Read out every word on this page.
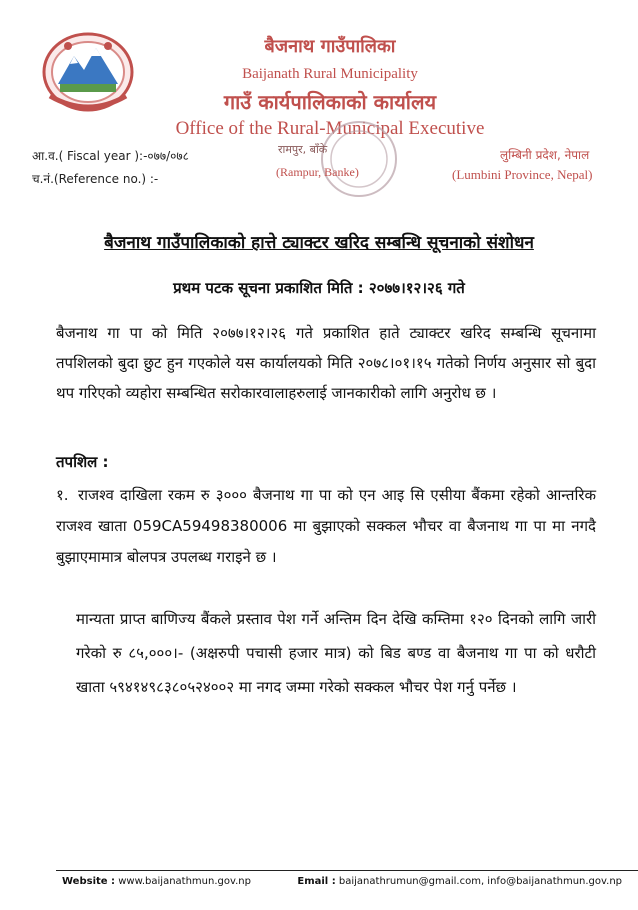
बैजनाथ गाउँपालिका
Baijanath Rural Municipality
गाउँ कार्यपालिकाको कार्यालय
Office of the Rural-Municipal Executive
आ.व.( Fiscal year ):-०७७/०७८
च.नं.(Reference no.) :-
रामपुर, बाँके
(Rampur, Banke)
लुम्बिनी प्रदेश, नेपाल
(Lumbini Province, Nepal)
बैजनाथ गाउँपालिकाको हात्ते ट्याक्टर खरिद सम्बन्धि सूचनाको संशोधन
प्रथम पटक सूचना प्रकाशित मिति : २०७७।१२।२६ गते
बैजनाथ गा पा को मिति २०७७।१२।२६ गते प्रकाशित हाते ट्याक्टर खरिद सम्बन्धि सूचनामा तपशिलको बुदा छुट हुन गएकोले यस कार्यालयको मिति २०७८।०१।१५ गतेको निर्णय अनुसार सो बुदा थप गरिएको व्यहोरा सम्बन्धित सरोकारवालाहरुलाई जानकारीको लागि अनुरोध छ ।
तपशिल :
१. राजश्व दाखिला रकम रु ३००० बैजनाथ गा पा को एन आइ सि एसीया बैंकमा रहेको आन्तरिक राजश्व खाता 059CA59498380006 मा बुझाएको सक्कल भौचर वा बैजनाथ गा पा मा नगदै बुझाएमामात्र बोलपत्र उपलब्ध गराइने छ ।
मान्यता प्राप्त बाणिज्य बैंकले प्रस्ताव पेश गर्ने अन्तिम दिन देखि कम्तिमा १२० दिनको लागि जारी गरेको रु ८५,०००।- (अक्षरुपी पचासी हजार मात्र) को बिड बण्ड वा बैजनाथ गा पा को धरौटी खाता ५९४१४९८३८०५२४००२ मा नगद जम्मा गरेको सक्कल भौचर पेश गर्नु पर्नेछ ।
Website : www.baijanathmun.gov.np	Email : baijanathrumun@gmail.com, info@baijanathmun.gov.np
